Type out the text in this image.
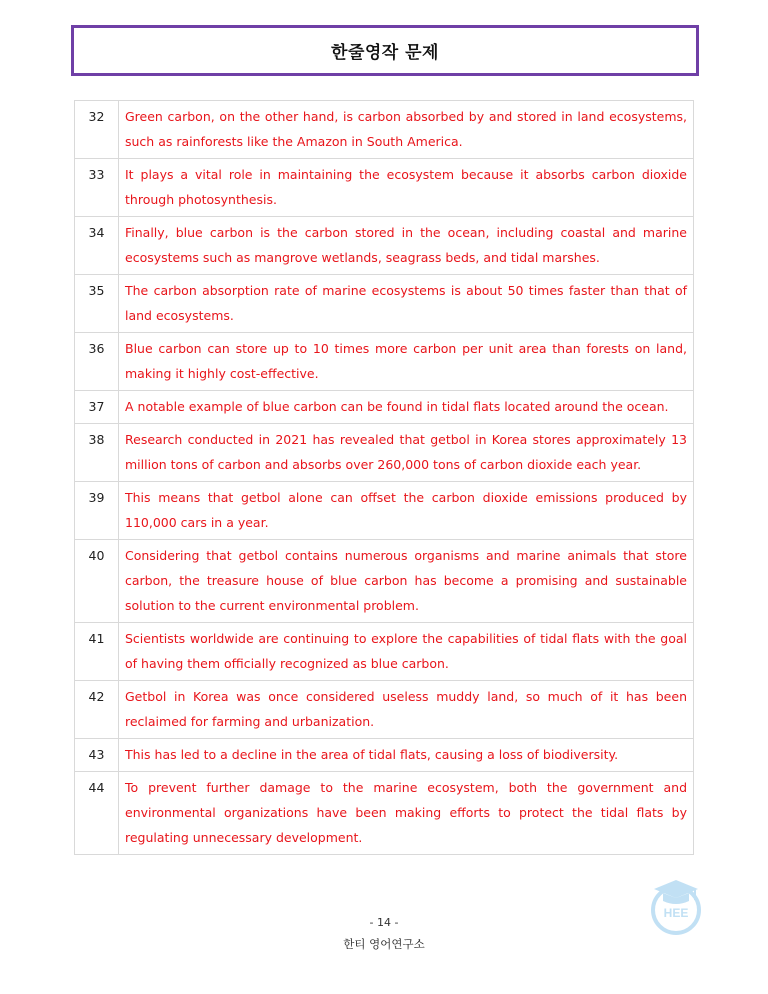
한줄영작 문제
32	Green carbon, on the other hand, is carbon absorbed by and stored in land ecosystems, such as rainforests like the Amazon in South America.
33	It plays a vital role in maintaining the ecosystem because it absorbs carbon dioxide through photosynthesis.
34	Finally, blue carbon is the carbon stored in the ocean, including coastal and marine ecosystems such as mangrove wetlands, seagrass beds, and tidal marshes.
35	The carbon absorption rate of marine ecosystems is about 50 times faster than that of land ecosystems.
36	Blue carbon can store up to 10 times more carbon per unit area than forests on land, making it highly cost-effective.
37	A notable example of blue carbon can be found in tidal flats located around the ocean.
38	Research conducted in 2021 has revealed that getbol in Korea stores approximately 13 million tons of carbon and absorbs over 260,000 tons of carbon dioxide each year.
39	This means that getbol alone can offset the carbon dioxide emissions produced by 110,000 cars in a year.
40	Considering that getbol contains numerous organisms and marine animals that store carbon, the treasure house of blue carbon has become a promising and sustainable solution to the current environmental problem.
41	Scientists worldwide are continuing to explore the capabilities of tidal flats with the goal of having them officially recognized as blue carbon.
42	Getbol in Korea was once considered useless muddy land, so much of it has been reclaimed for farming and urbanization.
43	This has led to a decline in the area of tidal flats, causing a loss of biodiversity.
44	To prevent further damage to the marine ecosystem, both the government and environmental organizations have been making efforts to protect the tidal flats by regulating unnecessary development.
- 14 -
한티 영어연구소
HEE
